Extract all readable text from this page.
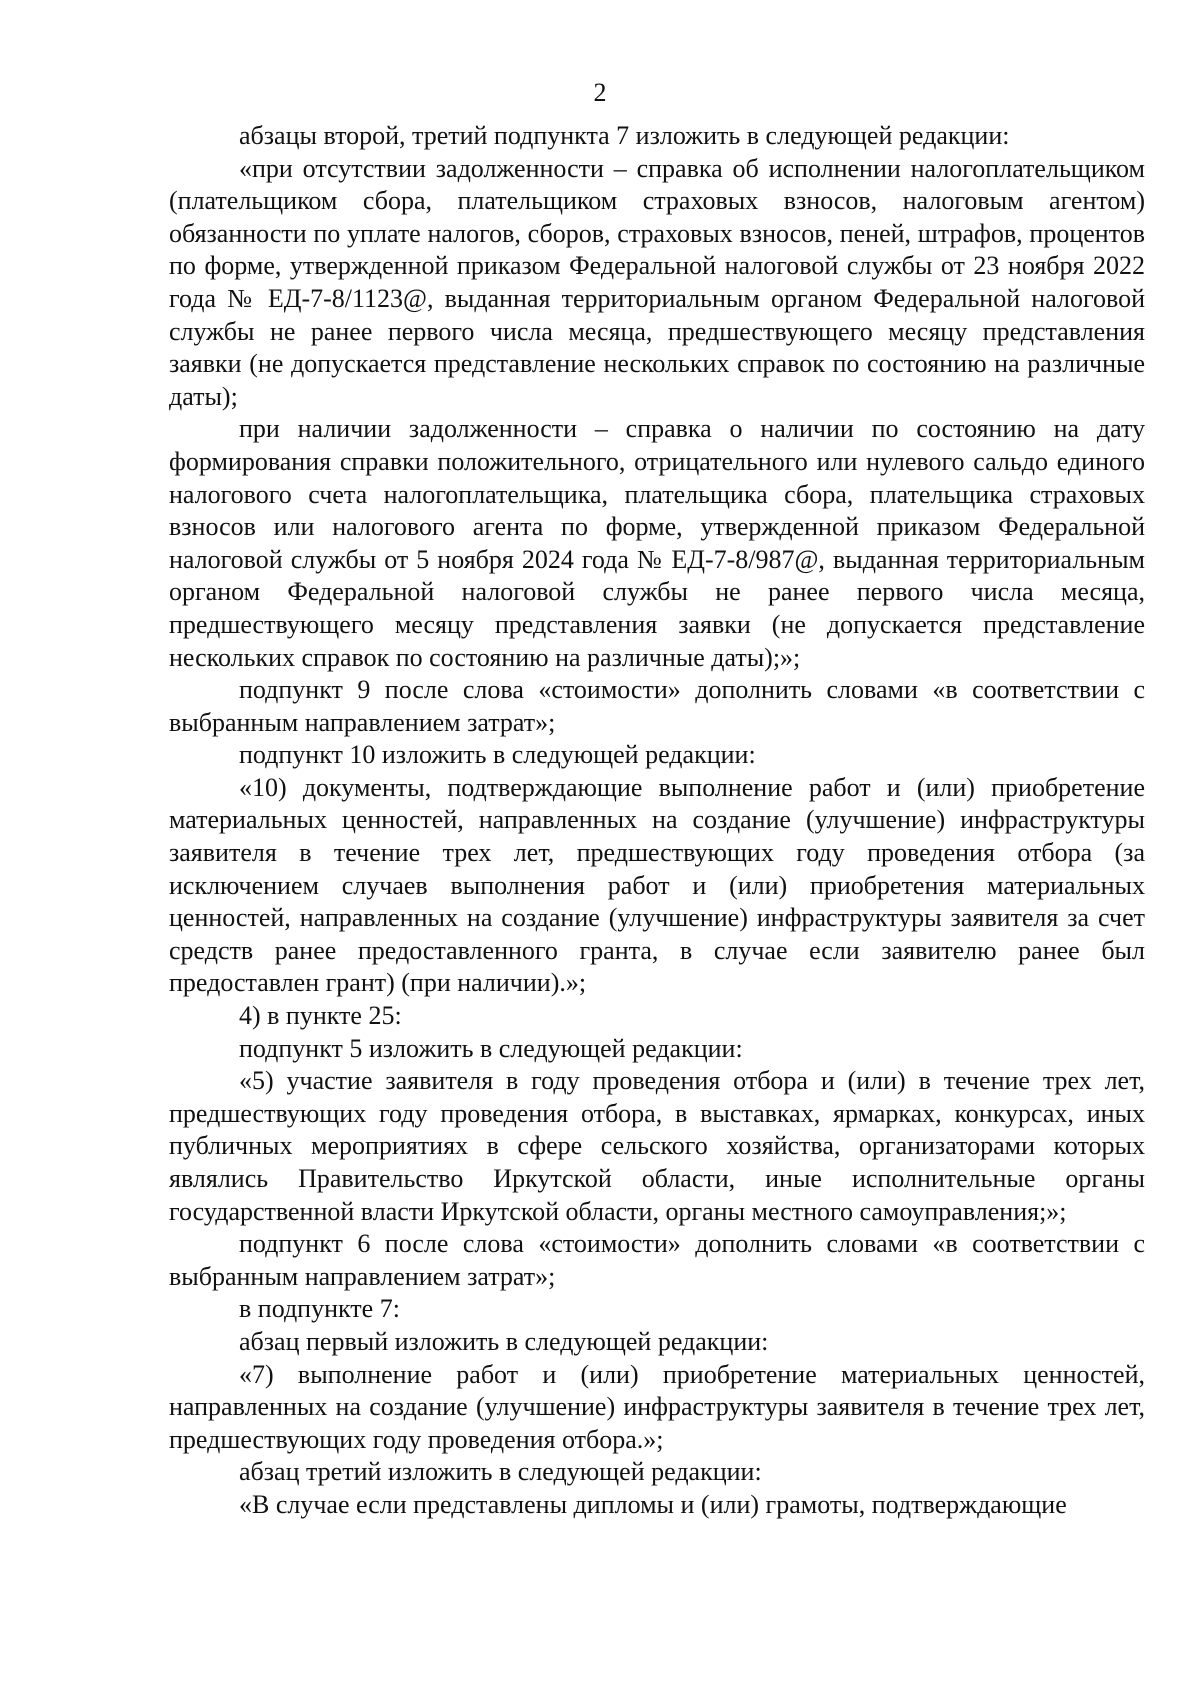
2

абзацы второй, третий подпункта 7 изложить в следующей редакции:

«при отсутствии задолженности – справка об исполнении налогоплательщиком (плательщиком сбора, плательщиком страховых взносов, налоговым агентом) обязанности по уплате налогов, сборов, страховых взносов, пеней, штрафов, процентов по форме, утвержденной приказом Федеральной налоговой службы от 23 ноября 2022 года № ЕД-7-8/1123@, выданная территориальным органом Федеральной налоговой службы не ранее первого числа месяца, предшествующего месяцу представления заявки (не допускается представление нескольких справок по состоянию на различные даты);

при наличии задолженности – справка о наличии по состоянию на дату формирования справки положительного, отрицательного или нулевого сальдо единого налогового счета налогоплательщика, плательщика сбора, плательщика страховых взносов или налогового агента по форме, утвержденной приказом Федеральной налоговой службы от 5 ноября 2024 года № ЕД-7-8/987@, выданная территориальным органом Федеральной налоговой службы не ранее первого числа месяца, предшествующего месяцу представления заявки (не допускается представление нескольких справок по состоянию на различные даты);»;

подпункт 9 после слова «стоимости» дополнить словами «в соответствии с выбранным направлением затрат»;

подпункт 10 изложить в следующей редакции:

«10) документы, подтверждающие выполнение работ и (или) приобретение материальных ценностей, направленных на создание (улучшение) инфраструктуры заявителя в течение трех лет, предшествующих году проведения отбора (за исключением случаев выполнения работ и (или) приобретения материальных ценностей, направленных на создание (улучшение) инфраструктуры заявителя за счет средств ранее предоставленного гранта, в случае если заявителю ранее был предоставлен грант) (при наличии).»;

4) в пункте 25:

подпункт 5 изложить в следующей редакции:

«5) участие заявителя в году проведения отбора и (или) в течение трех лет, предшествующих году проведения отбора, в выставках, ярмарках, конкурсах, иных публичных мероприятиях в сфере сельского хозяйства, организаторами которых являлись Правительство Иркутской области, иные исполнительные органы государственной власти Иркутской области, органы местного самоуправления;»;

подпункт 6 после слова «стоимости» дополнить словами «в соответствии с выбранным направлением затрат»;

в подпункте 7:

абзац первый изложить в следующей редакции:

«7) выполнение работ и (или) приобретение материальных ценностей, направленных на создание (улучшение) инфраструктуры заявителя в течение трех лет, предшествующих году проведения отбора.»;

абзац третий изложить в следующей редакции:

«В случае если представлены дипломы и (или) грамоты, подтверждающие
